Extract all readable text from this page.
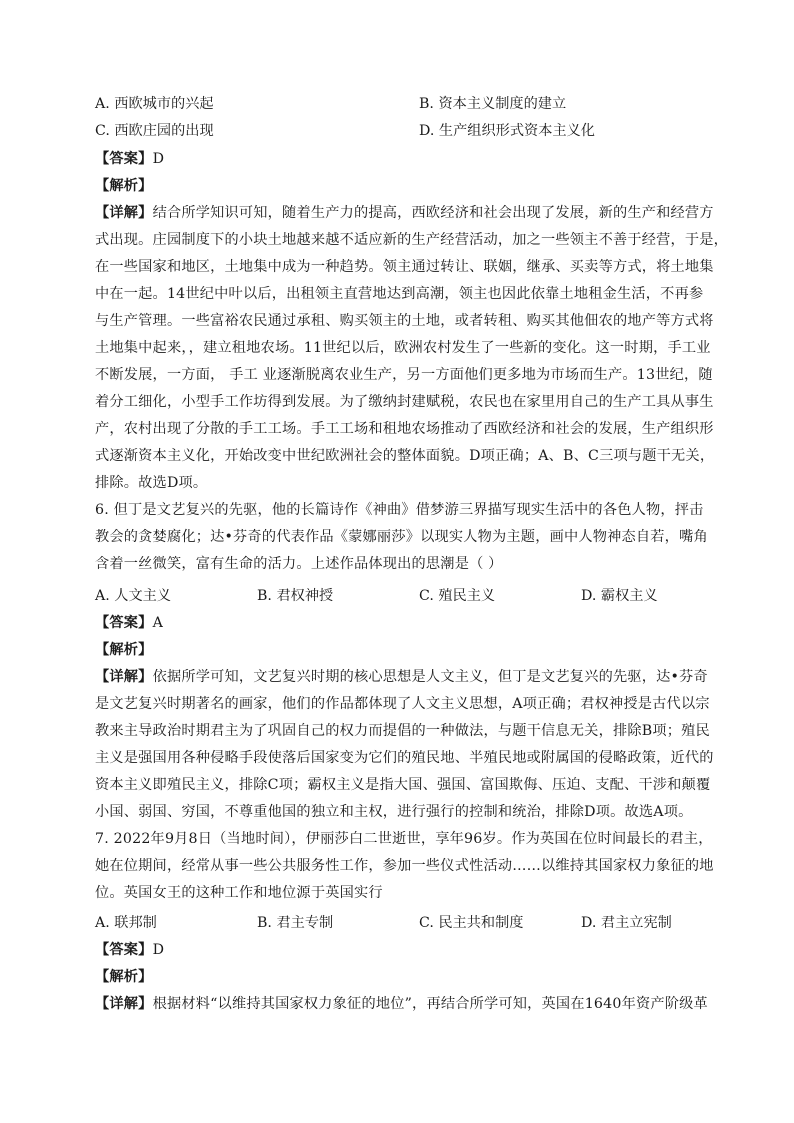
A. 西欧城市的兴起	B. 资本主义制度的建立
C. 西欧庄园的出现	D. 生产组织形式资本主义化
【答案】D
【解析】
【详解】结合所学知识可知，随着生产力的提高，西欧经济和社会出现了发展，新的生产和经营方
式出现。庄园制度下的小块土地越来越不适应新的生产经营活动，加之一些领主不善于经营，于是，
在一些国家和地区，土地集中成为一种趋势。领主通过转让、联姻，继承、买卖等方式，将土地集
中在一起。14世纪中叶以后，出租领主直营地达到高潮，领主也因此依靠土地租金生活，不再参
与生产管理。一些富裕农民通过承租、购买领主的土地，或者转租、购买其他佃农的地产等方式将
土地集中起来，，建立租地农场。11世纪以后，欧洲农村发生了一些新的变化。这一时期，手工业
不断发展，一方面， 手工 业逐渐脱离农业生产，另一方面他们更多地为市场而生产。13世纪，随
着分工细化，小型手工作坊得到发展。为了缴纳封建赋税，农民也在家里用自己的生产工具从事生
产，农村出现了分散的手工工场。手工工场和租地农场推动了西欧经济和社会的发展，生产组织形
式逐渐资本主义化，开始改变中世纪欧洲社会的整体面貌。D项正确；A、B、C三项与题干无关，
排除。故选D项。
6. 但丁是文艺复兴的先驱，他的长篇诗作《神曲》借梦游三界描写现实生活中的各色人物，抨击
教会的贪婪腐化；达•芬奇的代表作品《蒙娜丽莎》以现实人物为主题，画中人物神态自若，嘴角
含着一丝微笑，富有生命的活力。上述作品体现出的思潮是（ ）
A. 人文主义	B. 君权神授	C. 殖民主义	D. 霸权主义
【答案】A
【解析】
【详解】依据所学可知，文艺复兴时期的核心思想是人文主义，但丁是文艺复兴的先驱，达•芬奇
是文艺复兴时期著名的画家，他们的作品都体现了人文主义思想，A项正确；君权神授是古代以宗
教来主导政治时期君主为了巩固自己的权力而提倡的一种做法，与题干信息无关，排除B项；殖民
主义是强国用各种侵略手段使落后国家变为它们的殖民地、半殖民地或附属国的侵略政策，近代的
资本主义即殖民主义，排除C项；霸权主义是指大国、强国、富国欺侮、压迫、支配、干涉和颠覆
小国、弱国、穷国，不尊重他国的独立和主权，进行强行的控制和统治，排除D项。故选A项。
7. 2022年9月8日（当地时间），伊丽莎白二世逝世，享年96岁。作为英国在位时间最长的君主，
她在位期间，经常从事一些公共服务性工作，参加一些仪式性活动……以维持其国家权力象征的地
位。英国女王的这种工作和地位源于英国实行
A. 联邦制	B. 君主专制	C. 民主共和制度	D. 君主立宪制
【答案】D
【解析】
【详解】根据材料“以维持其国家权力象征的地位”，再结合所学可知，英国在1640年资产阶级革
